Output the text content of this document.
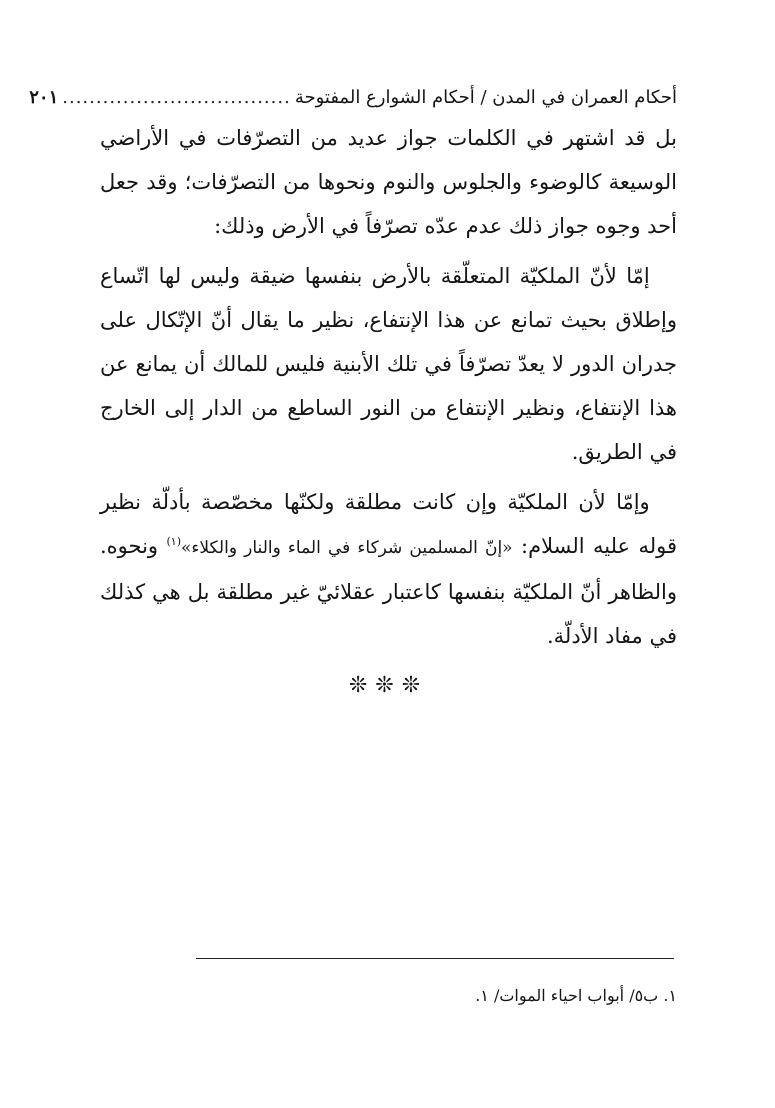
أحكام العمران في المدن / أحكام الشوارع المفتوحة
..................................
٢٠١

بل قد اشتهر في الكلمات جواز عديد من التصرّفات في الأراضي الوسيعة كالوضوء والجلوس والنوم ونحوها من التصرّفات؛ وقد جعل أحد وجوه جواز ذلك عدم عدّه تصرّفاً في الأرض وذلك:

إمّا لأنّ الملكيّة المتعلّقة بالأرض بنفسها ضيقة وليس لها اتّساع وإطلاق بحيث تمانع عن هذا الإنتفاع، نظير ما يقال أنّ الإتّكال على جدران الدور لا يعدّ تصرّفاً في تلك الأبنية فليس للمالك أن يمانع عن هذا الإنتفاع، ونظير الإنتفاع من النور الساطع من الدار إلى الخارج في الطريق.

وإمّا لأن الملكيّة وإن كانت مطلقة ولكنّها مخصّصة بأدلّة نظير قوله عليه السلام: «إنّ المسلمين شركاء في الماء والنار والكلاء»$^{(١)}$ ونحوه. والظاهر أنّ الملكيّة بنفسها كاعتبار عقلائيّ غير مطلقة بل هي كذلك في مفاد الأدلّة.

❊❊❊
١. ب٥/ أبواب احياء الموات/ ١.
